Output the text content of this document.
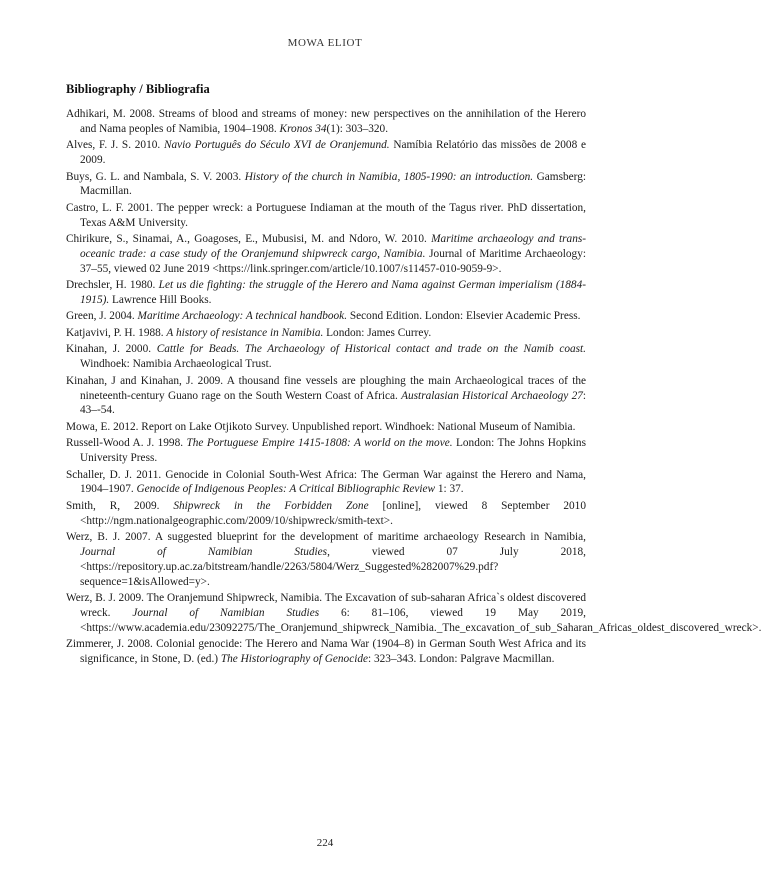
MOWA ELIOT
Bibliography / Bibliografia
Adhikari, M. 2008. Streams of blood and streams of money: new perspectives on the annihilation of the Herero and Nama peoples of Namibia, 1904–1908. Kronos 34(1): 303–320.
Alves, F. J. S. 2010. Navio Português do Século XVI de Oranjemund. Namíbia Relatório das missões de 2008 e 2009.
Buys, G. L. and Nambala, S. V. 2003. History of the church in Namibia, 1805-1990: an introduction. Gamsberg: Macmillan.
Castro, L. F. 2001. The pepper wreck: a Portuguese Indiaman at the mouth of the Tagus river. PhD dissertation, Texas A&M University.
Chirikure, S., Sinamai, A., Goagoses, E., Mubusisi, M. and Ndoro, W. 2010. Maritime archaeology and trans-oceanic trade: a case study of the Oranjemund shipwreck cargo, Namibia. Journal of Maritime Archaeology: 37–55, viewed 02 June 2019 <https://link.springer.com/article/10.1007/s11457-010-9059-9>.
Drechsler, H. 1980. Let us die fighting: the struggle of the Herero and Nama against German imperialism (1884-1915). Lawrence Hill Books.
Green, J. 2004. Maritime Archaeology: A technical handbook. Second Edition. London: Elsevier Academic Press.
Katjavivi, P. H. 1988. A history of resistance in Namibia. London: James Currey.
Kinahan, J. 2000. Cattle for Beads. The Archaeology of Historical contact and trade on the Namib coast. Windhoek: Namibia Archaeological Trust.
Kinahan, J and Kinahan, J. 2009. A thousand fine vessels are ploughing the main Archaeological traces of the nineteenth-century Guano rage on the South Western Coast of Africa. Australasian Historical Archaeology 27: 43–-54.
Mowa, E. 2012. Report on Lake Otjikoto Survey. Unpublished report. Windhoek: National Museum of Namibia.
Russell-Wood A. J. 1998. The Portuguese Empire 1415-1808: A world on the move. London: The Johns Hopkins University Press.
Schaller, D. J. 2011. Genocide in Colonial South-West Africa: The German War against the Herero and Nama, 1904–1907. Genocide of Indigenous Peoples: A Critical Bibliographic Review 1: 37.
Smith, R, 2009. Shipwreck in the Forbidden Zone [online], viewed 8 September 2010 <http://ngm.nationalgeographic.com/2009/10/shipwreck/smith-text>.
Werz, B. J. 2007. A suggested blueprint for the development of maritime archaeology Research in Namibia, Journal of Namibian Studies, viewed 07 July 2018, <https://repository.up.ac.za/bitstream/handle/2263/5804/Werz_Suggested%282007%29.pdf?sequence=1&isAllowed=y>.
Werz, B. J. 2009. The Oranjemund Shipwreck, Namibia. The Excavation of sub-saharan Africa`s oldest discovered wreck. Journal of Namibian Studies 6: 81–106, viewed 19 May 2019, <https://www.academia.edu/23092275/The_Oranjemund_shipwreck_Namibia._The_excavation_of_sub_Saharan_Africas_oldest_discovered_wreck>.
Zimmerer, J. 2008. Colonial genocide: The Herero and Nama War (1904–8) in German South West Africa and its significance, in Stone, D. (ed.) The Historiography of Genocide: 323–343. London: Palgrave Macmillan.
224
